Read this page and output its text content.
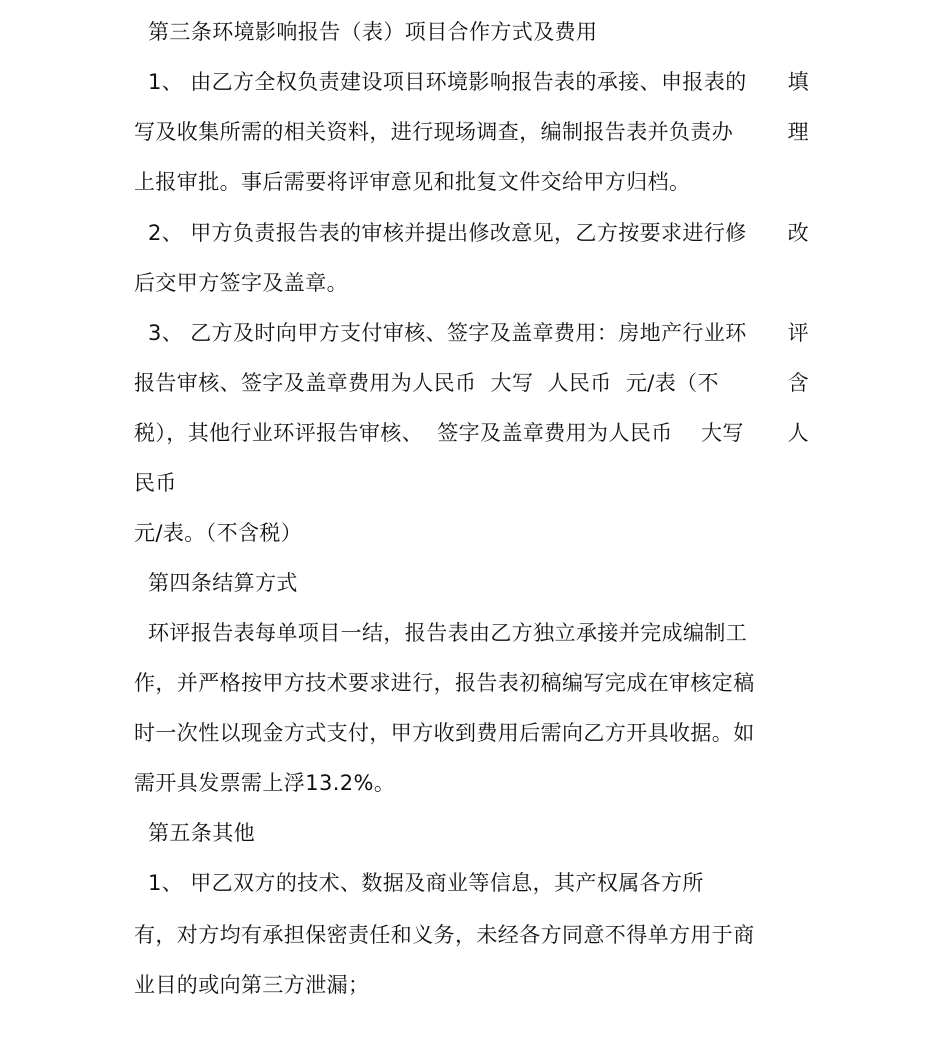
第三条环境影响报告（表）项目合作方式及费用
1、 由乙方全权负责建设项目环境影响报告表的承接、申报表的 填
写及收集所需的相关资料，进行现场调查，编制报告表并负责办	理
上报审批。事后需要将评审意见和批复文件交给甲方归档。
2、 甲方负责报告表的审核并提出修改意见，乙方按要求进行修 改
后交甲方签字及盖章。
3、 乙方及时向甲方支付审核、签字及盖章费用：房地产行业环 评
报告审核、签字及盖章费用为人民币  大写  人民币  元/表（不	含
税），其他行业环评报告审核、  签字及盖章费用为人民币    大写 人
民币
元/表。（不含税）
第四条结算方式
环评报告表每单项目一结，报告表由乙方独立承接并完成编制工
作，并严格按甲方技术要求进行，报告表初稿编写完成在审核定稿
时一次性以现金方式支付，甲方收到费用后需向乙方开具收据。如
需开具发票需上浮13.2%。
第五条其他
1、 甲乙双方的技术、数据及商业等信息，其产权属各方所
有，对方均有承担保密责任和义务，未经各方同意不得单方用于商
业目的或向第三方泄漏；
